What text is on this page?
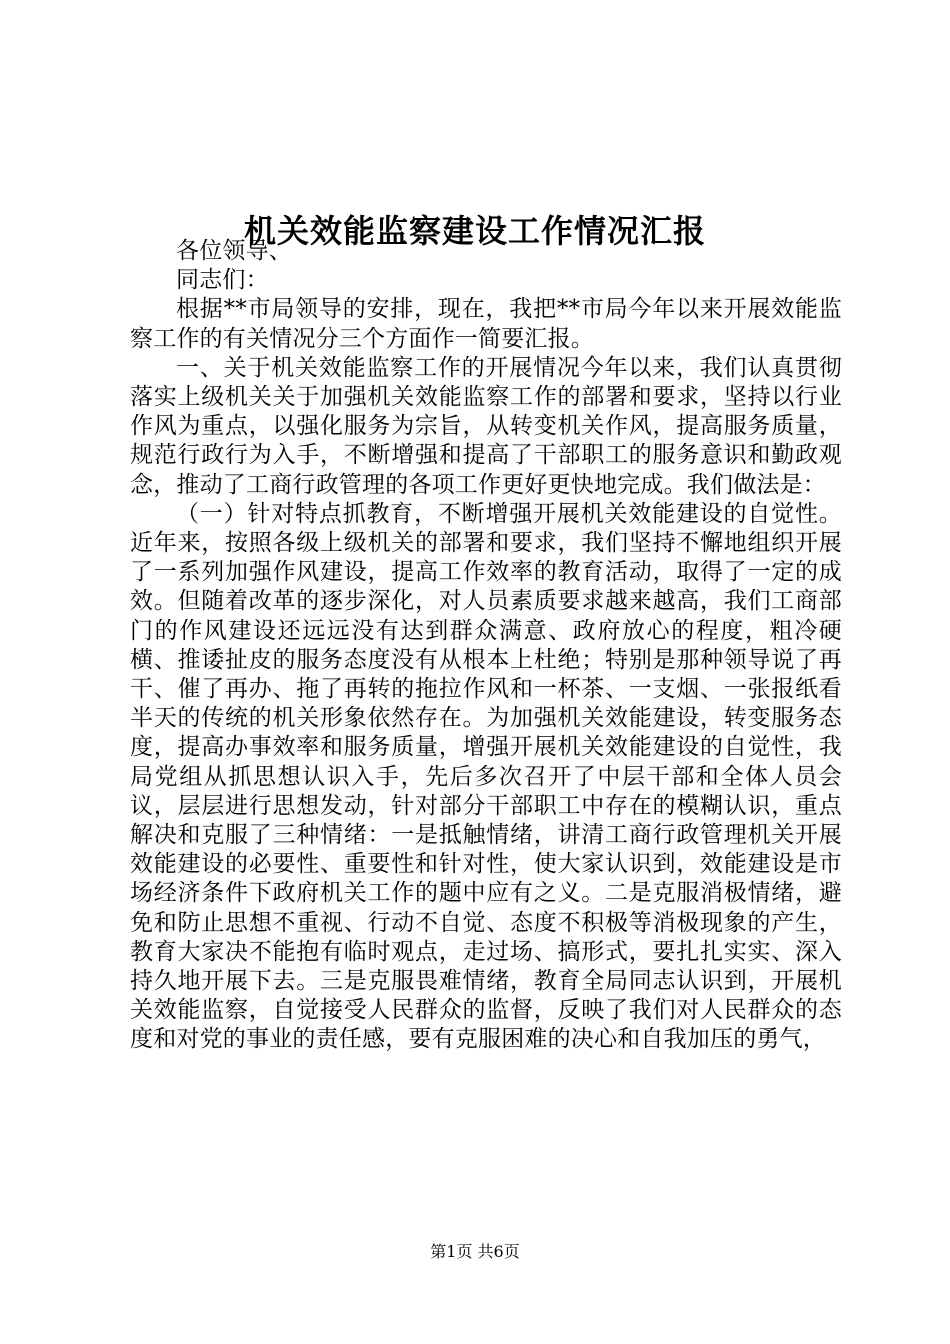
机关效能监察建设工作情况汇报

各位领导、

同志们：

根据**市局领导的安排，现在，我把**市局今年以来开展效能监察工作的有关情况分三个方面作一简要汇报。

一、关于机关效能监察工作的开展情况今年以来，我们认真贯彻落实上级机关关于加强机关效能监察工作的部署和要求，坚持以行业作风为重点，以强化服务为宗旨，从转变机关作风，提高服务质量，规范行政行为入手，不断增强和提高了干部职工的服务意识和勤政观念，推动了工商行政管理的各项工作更好更快地完成。我们做法是：

（一）针对特点抓教育，不断增强开展机关效能建设的自觉性。近年来，按照各级上级机关的部署和要求，我们坚持不懈地组织开展了一系列加强作风建设，提高工作效率的教育活动，取得了一定的成效。但随着改革的逐步深化，对人员素质要求越来越高，我们工商部门的作风建设还远远没有达到群众满意、政府放心的程度，粗冷硬横、推诿扯皮的服务态度没有从根本上杜绝；特别是那种领导说了再干、催了再办、拖了再转的拖拉作风和一杯茶、一支烟、一张报纸看半天的传统的机关形象依然存在。为加强机关效能建设，转变服务态度，提高办事效率和服务质量，增强开展机关效能建设的自觉性，我局党组从抓思想认识入手，先后多次召开了中层干部和全体人员会议，层层进行思想发动，针对部分干部职工中存在的模糊认识，重点解决和克服了三种情绪：一是抵触情绪，讲清工商行政管理机关开展效能建设的必要性、重要性和针对性，使大家认识到，效能建设是市场经济条件下政府机关工作的题中应有之义。二是克服消极情绪，避免和防止思想不重视、行动不自觉、态度不积极等消极现象的产生，教育大家决不能抱有临时观点，走过场、搞形式，要扎扎实实、深入持久地开展下去。三是克服畏难情绪，教育全局同志认识到，开展机关效能监察，自觉接受人民群众的监督，反映了我们对人民群众的态度和对党的事业的责任感，要有克服困难的决心和自我加压的勇气，

第1页 共6页
